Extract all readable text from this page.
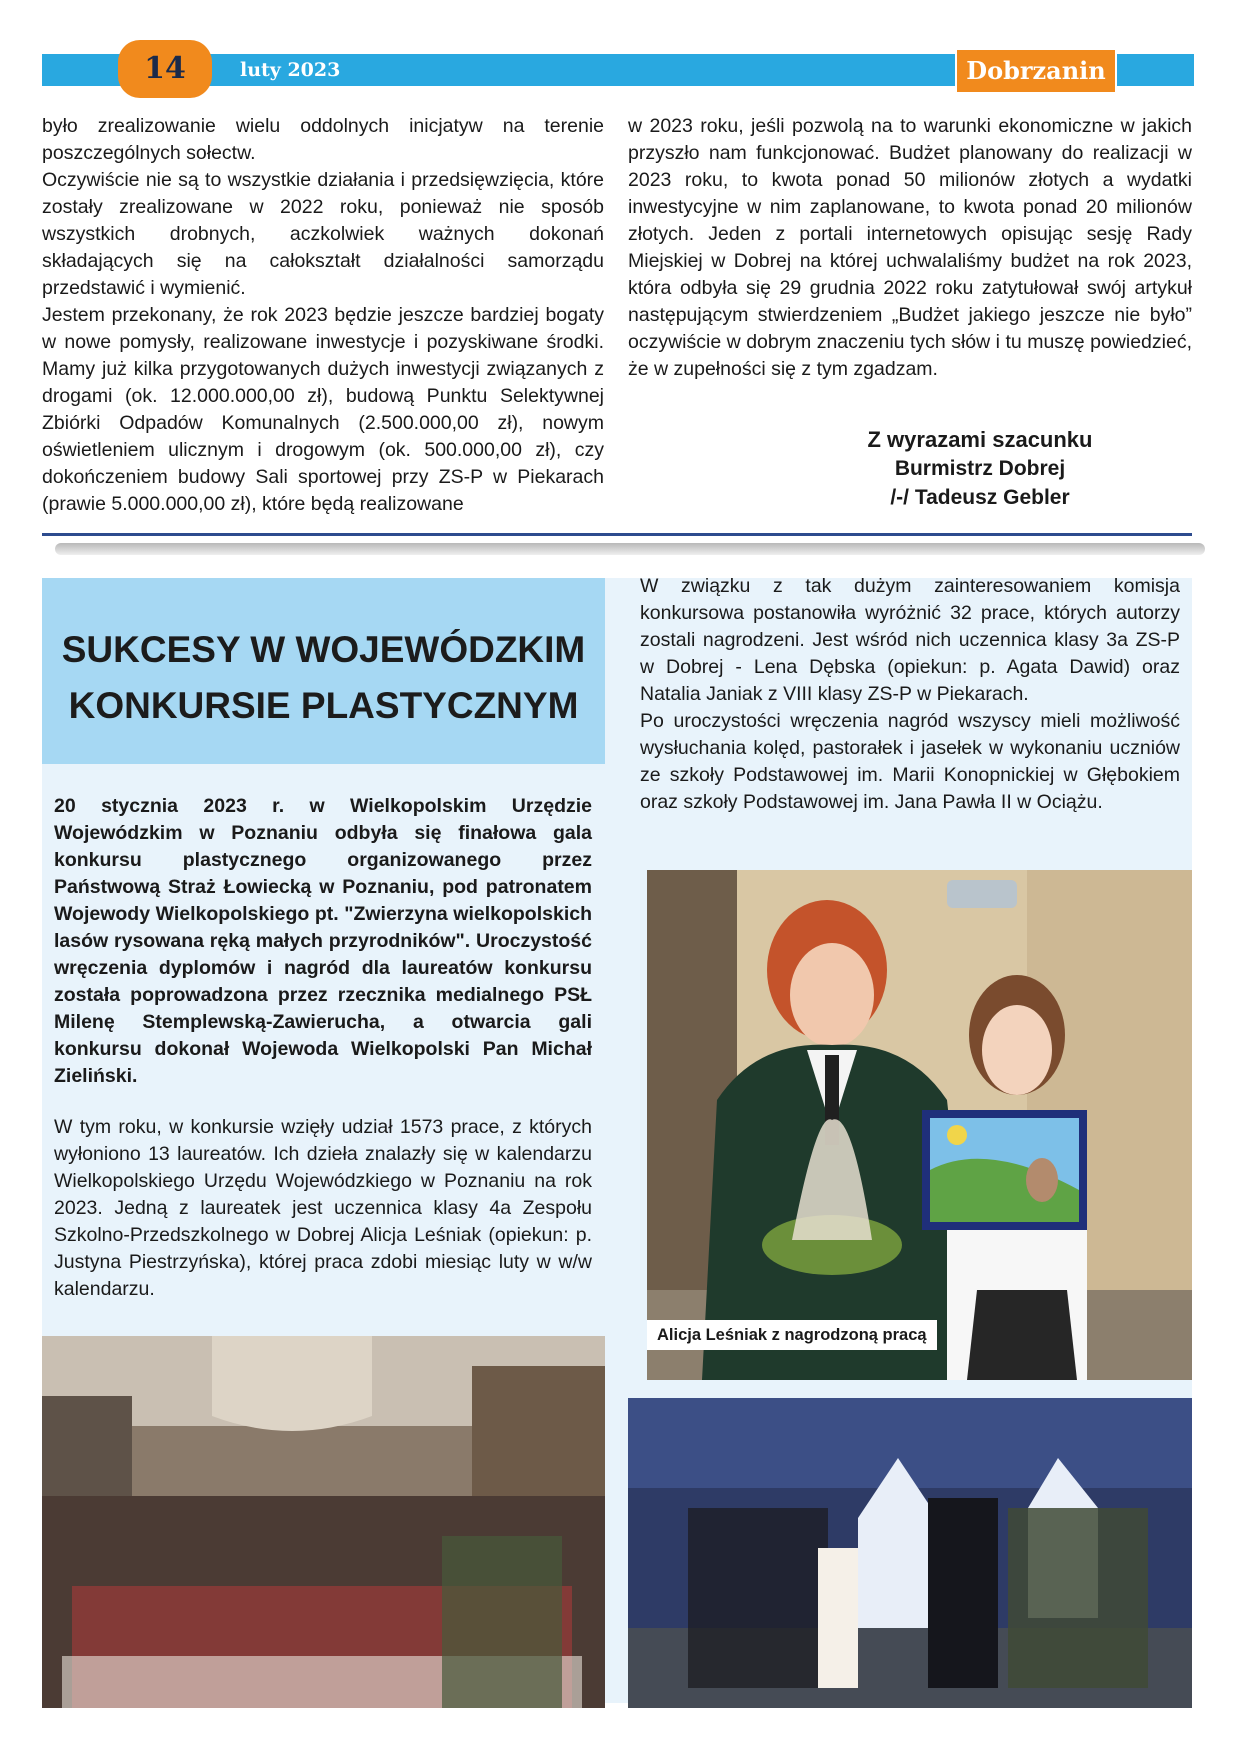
14	luty 2023	Dobrzanin

było zrealizowanie wielu oddolnych inicjatyw na terenie poszczególnych sołectw.

Oczywiście nie są to wszystkie działania i przedsięwzięcia, które zostały zrealizowane w 2022 roku, ponieważ nie sposób wszystkich drobnych, aczkolwiek ważnych dokonań składających się na całokształt działalności samorządu przedstawić i wymienić.

Jestem przekonany, że rok 2023 będzie jeszcze bardziej bogaty w nowe pomysły, realizowane inwestycje i pozyskiwane środki. Mamy już kilka przygotowanych dużych inwestycji związanych z drogami (ok. 12.000.000,00 zł), budową Punktu Selektywnej Zbiórki Odpadów Komunalnych (2.500.000,00 zł), nowym oświetleniem ulicznym i drogowym (ok. 500.000,00 zł), czy dokończeniem budowy Sali sportowej przy ZS-P w Piekarach (prawie 5.000.000,00 zł), które będą realizowane

w 2023 roku, jeśli pozwolą na to warunki ekonomiczne w jakich przyszło nam funkcjonować. Budżet planowany do realizacji w 2023 roku, to kwota ponad 50 milionów złotych a wydatki inwestycyjne w nim zaplanowane, to kwota ponad 20 milionów złotych. Jeden z portali internetowych opisując sesję Rady Miejskiej w Dobrej na której uchwalaliśmy budżet na rok 2023, która odbyła się 29 grudnia 2022 roku zatytułował swój artykuł następującym stwierdzeniem „Budżet jakiego jeszcze nie było” oczywiście w dobrym znaczeniu tych słów i tu muszę powiedzieć, że w zupełności się z tym zgadzam.

Z wyrazami szacunku
Burmistrz Dobrej
/-/ Tadeusz Gebler
SUKCESY W WOJEWÓDZKIM
KONKURSIE PLASTYCZNYM

20 stycznia 2023 r. w Wielkopolskim Urzędzie Wojewódzkim w Poznaniu odbyła się finałowa gala konkursu plastycznego organizowanego przez Państwową Straż Łowiecką w Poznaniu, pod patronatem Wojewody Wielkopolskiego pt. "Zwierzyna wielkopolskich lasów rysowana ręką małych przyrodników". Uroczystość wręczenia dyplomów i nagród dla laureatów konkursu została poprowadzona przez rzecznika medialnego PSŁ Milenę Stemplewską-Zawierucha, a otwarcia gali konkursu dokonał Wojewoda Wielkopolski Pan Michał Zieliński.

W tym roku, w konkursie wzięły udział 1573 prace, z których wyłoniono 13 laureatów. Ich dzieła znalazły się w kalendarzu Wielkopolskiego Urzędu Wojewódzkiego w Poznaniu na rok 2023. Jedną z laureatek jest uczennica klasy 4a Zespołu Szkolno-Przedszkolnego w Dobrej Alicja Leśniak (opiekun: p. Justyna Piestrzyńska), której praca zdobi miesiąc luty w w/w kalendarzu.

W związku z tak dużym zainteresowaniem komisja konkursowa postanowiła wyróżnić 32 prace, których autorzy zostali nagrodzeni. Jest wśród nich uczennica klasy 3a ZS-P w Dobrej - Lena Dębska (opiekun: p. Agata Dawid) oraz Natalia Janiak z VIII klasy ZS-P w Piekarach.

Po uroczystości wręczenia nagród wszyscy mieli możliwość wysłuchania kolęd, pastorałek i jasełek w wykonaniu uczniów ze szkoły Podstawowej im. Marii Konopnickiej w Głębokiem oraz szkoły Podstawowej im. Jana Pawła II w Ociążu.

Alicja Leśniak z nagrodzoną pracą
